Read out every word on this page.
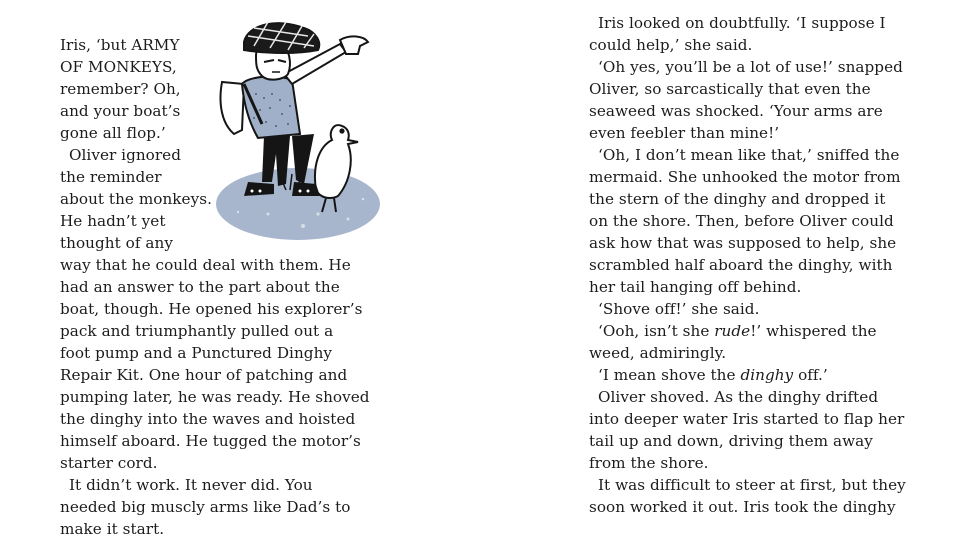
Iris, ‘but ARMY
OF MONKEYS,
remember? Oh,
and your boat’s
gone all flop.’
Oliver ignored
the reminder
about the monkeys.
He hadn’t yet
thought of any
way that he could deal with them. He
had an answer to the part about the
boat, though. He opened his explorer’s
pack and triumphantly pulled out a
foot pump and a Punctured Dinghy
Repair Kit. One hour of patching and
pumping later, he was ready. He shoved
the dinghy into the waves and hoisted
himself aboard. He tugged the motor’s
starter cord.
It didn’t work. It never did. You
needed big muscly arms like Dad’s to
make it start.
Iris looked on doubtfully. ‘I suppose I
could help,’ she said.
‘Oh yes, you’ll be a lot of use!’ snapped
Oliver, so sarcastically that even the
seaweed was shocked. ‘Your arms are
even feebler than mine!’
‘Oh, I don’t mean like that,’ sniffed the
mermaid. She unhooked the motor from
the stern of the dinghy and dropped it
on the shore. Then, before Oliver could
ask how that was supposed to help, she
scrambled half aboard the dinghy, with
her tail hanging off behind.
‘Shove off!’ she said.
‘Ooh, isn’t she rude!’ whispered the
weed, admiringly.
‘I mean shove the dinghy off.’
Oliver shoved. As the dinghy drifted
into deeper water Iris started to flap her
tail up and down, driving them away
from the shore.
It was difficult to steer at first, but they
soon worked it out. Iris took the dinghy
